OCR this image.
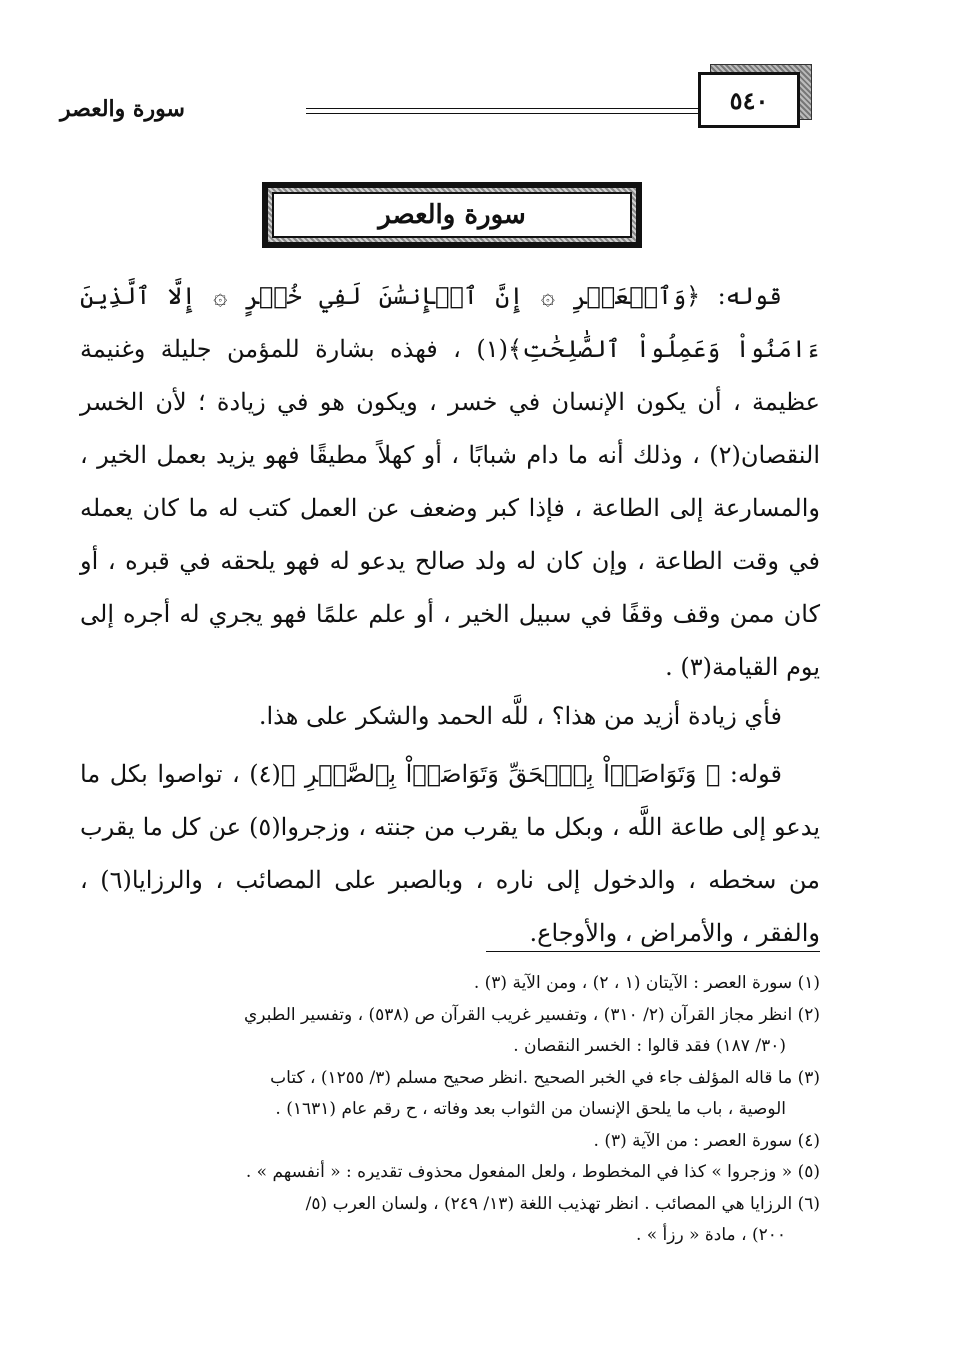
٥٤٠
سورة والعصر
سورة والعصر

قوله: ﴿وَٱلۡعَصۡرِ ۞ إِنَّ ٱلۡإِنسَٰنَ لَفِي خُسۡرٍ ۞ إِلَّا ٱلَّذِينَ ءَامَنُواْ وَعَمِلُواْ ٱلصَّٰلِحَٰتِ﴾(١) ، فهذه بشارة للمؤمن جليلة وغنيمة عظيمة ، أن يكون الإنسان في خسر ، ويكون هو في زيادة ؛ لأن الخسر النقصان(٢) ، وذلك أنه ما دام شبابًا ، أو كهلاً مطيقًا فهو يزيد بعمل الخير ، والمسارعة إلى الطاعة ، فإذا كبر وضعف عن العمل كتب له ما كان يعمله في وقت الطاعة ، وإن كان له ولد صالح يدعو له فهو يلحقه في قبره ، أو كان ممن وقف وقفًا في سبيل الخير ، أو علم علمًا فهو يجري له أجره إلى يوم القيامة(٣) .

فأي زيادة أزيد من هذا؟ ، للَّه الحمد والشكر على هذا.

قوله: ﴿ وَتَوَاصَوۡاْ بِٱلۡحَقِّ وَتَوَاصَوۡاْ بِٱلصَّبۡرِ ﴾(٤) ، تواصوا بكل ما يدعو إلى طاعة اللَّه ، وبكل ما يقرب من جنته ، وزجروا(٥) عن كل ما يقرب من سخطه ، والدخول إلى ناره ، وبالصبر على المصائب ، والرزايا(٦) ، والفقر ، والأمراض ، والأوجاع.

(١) سورة العصر : الآيتان (١ ، ٢) ، ومن الآية (٣) .

(٢) انظر مجاز القرآن (٢/ ٣١٠) ، وتفسير غريب القرآن ص (٥٣٨) ، وتفسير الطبري

(٣٠/ ١٨٧) فقد قالوا : الخسر النقصان .

(٣) ما قاله المؤلف جاء في الخبر الصحيح .انظر صحيح مسلم (٣/ ١٢٥٥) ، كتاب

الوصية ، باب ما يلحق الإنسان من الثواب بعد وفاته ، ح رقم عام (١٦٣١) .

(٤) سورة العصر : من الآية (٣) .

(٥) « وزجروا » كذا في المخطوط ، ولعل المفعول محذوف تقديره : « أنفسهم » .

(٦) الرزايا هي المصائب . انظر تهذيب اللغة (١٣/ ٢٤٩) ، ولسان العرب (٥/

٢٠٠) ، مادة « رزأ » .
